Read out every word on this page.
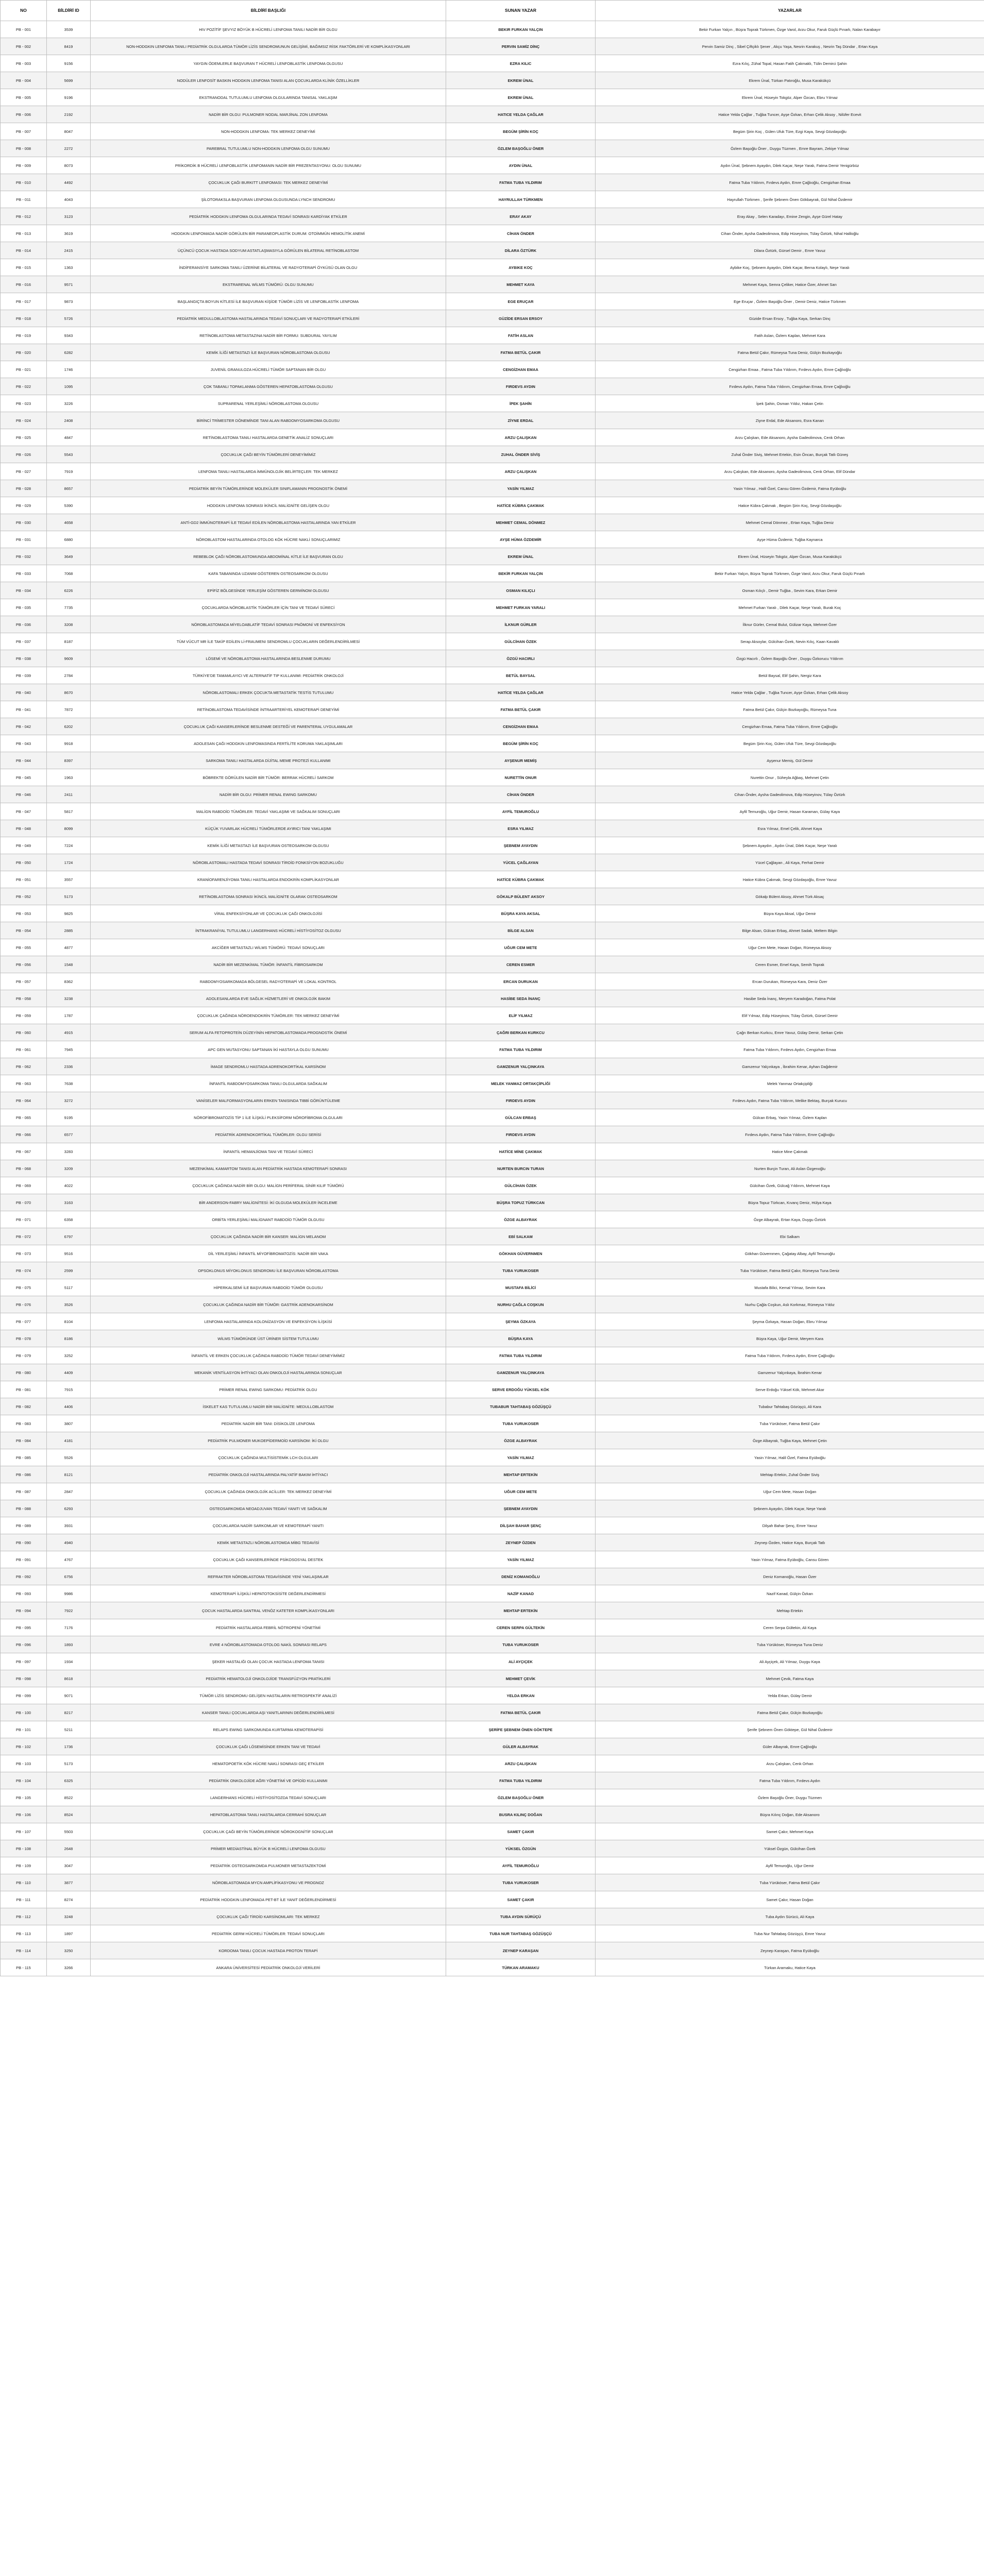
NO	BİLDİRİ ID	BİLDİRİ BAŞLIĞI	SUNAN YAZAR	YAZARLAR

PB - 001	3539	HIV POZİTİF ŞEVYIZ BÖYÜK B HÜCRELİ LENFOMA TANILI NADİR BİR OLGU	BEKIR FURKAN YALÇIN	Bekir Furkan Yalçın , Büşra Toprak Türkmen, Özge Varol, Arzu Okur, Faruk Güçlü Pınarlı, Nalan Karabayır

PB - 002	8419	NON-HODGKIN LENFOMA TANILI PEDİATRİK OLGULARDA TÜMÖR LİZİS SENDROMUNUN GELİŞİMİ, BAĞIMSIZ RİSK FAKTÖRLERİ VE KOMPLİKASYONLARI	PERVIN SAMİZ DİNÇ	Pervin Samiz Dinç , Sibel Çiftçiklı Şener , Akçu Yaşa, Nesrin Karakuş , Nesrin Taş Dündar , Ertan Kaya

PB - 003	9156	YAYGIN ÖDEMLERLE BAŞVURAN T HÜCRELİ LENFOBLASTİK LENFOMA OLGUSU	EZRA KILIC	Ezra Kılıç, Zühal Topal, Hasan Fatih Çakmaklı, Tülin Demirci Şahin

PB - 004	5699	NODÜLER LENFOSİT BASKIN HODGKIN LENFOMA TANISI ALAN ÇOCUKLARDA KLİNİK ÖZELLİKLER	EKREM ÜNAL	Ekrem Ünal, Türkan Patıroğlu, Musa Karakükçü

PB - 005	9196	EKSTRANODAL TUTULUMLU LENFOMA OLGULARINDA TANISAL YAKLAŞIM	EKREM ÜNAL	Ekrem Ünal, Hüseyin Tokgöz, Alper Özcan, Ebru Yılmaz

PB - 006	2192	NADİR BİR OLGU: PULMONER NODAL MARJİNAL ZON LENFOMA	HATICE YELDA ÇAĞLAR	Hatice Yelda Çağlar , Tuğba Tuncer, Ayşe Özkan, Erhan Çelik Aksoy , Nilüfer Ecevit

PB - 007	8047	NON-HODGKIN LENFOMA: TEK MERKEZ DENEYİMİ	BEGÜM ŞİRİN KOÇ	Begüm Şirin Koç , Gülen Ufuk Türe, Ezgi Kaya, Sevgi Gözdaşoğlu

PB - 008	2272	PAREBRAL TUTULUMLU NON-HODGKIN LENFOMA OLGU SUNUMU	ÖZLEM BAŞOĞLU ÖNER	Özlem Başoğlu Öner , Duygu Tüzmen , Emre Bayram, Zekiye Yılmaz

PB - 009	8073	PRİKORDİK B HÜCRELİ LENFOBLASTİK LENFOMANIN NADİR BİR PREZENTASYONU: OLGU SUNUMU	AYDIN ÜNAL	Aydın Ünal, Şebnem Ayaydın, Dilek Kaçar, Neşe Yaralı, Fatma Demir Yenigürbüz

PB - 010	4492	ÇOCUKLUK ÇAĞI BURKITT LENFOMASI: TEK MERKEZ DENEYİMİ	FATMA TUBA YILDIRIM	Fatma Tuba Yıldırım, Fırdevs Aydın, Emre Çağlıoğlu, Cengizhan Emaa

PB - 011	4043	ŞİLOTORAKSLA BAŞVURAN LENFOMA OLGUSUNDA LYNCH SENDROMU	HAYRULLAH TÜRKMEN	Hayrullah Türkmen , Şerife Şebnem Önen Gökbayrak, Gül Nihal Özdemir

PB - 012	3123	PEDİATRİK HODGKIN LENFOMA OLGULARINDA TEDAVİ SONRASI KARDİYAK ETKİLER	ERAY AKAY	Eray Akay , Selen Karadayı, Emine Zengin, Ayşe Gürel Hatay

PB - 013	3619	HODGKIN LENFOMADA NADİR GÖRÜLEN BİR PARANEOPLASTİK DURUM: OTOİMMÜN HEMOLİTİK ANEMİ	CİHAN ÖNDER	Cihan Önder, Aysha Gadeolimova, Edip Hüseyinov, Tülay Öztürk, Nihal Haliloğlu

PB - 014	2415	ÜÇÜNCÜ ÇOCUK HASTADA SODYUM ASTATLAŞMASIYLA GÖRÜLEN BİLATERAL RETİNOBLASTOM	DİLARA ÖZTÜRK	Dilara Öztürk, Gürsel Demir , Emre Yavuz

PB - 015	1363	İNDİFERANSİYE SARKOMA TANILI ÜZERİNE BİLATERAL VE RADYOTERAPİ ÖYKÜSÜ OLAN OLGU	AYBIKE KOÇ	Aybike Koç, Şebnem Ayaydın, Dilek Kaçar, Berna Kolaylı, Neşe Yaralı

PB - 016	9571	EKSTRARENAL WİLMS TÜMÖRÜ: OLGU SUNUMU	MEHMET KAYA	Mehmet Kaya, Semra Çeliker, Hatice Özer, Ahmet Sarı

PB - 017	9873	BAŞLANGIÇTA BOYUN KİTLESİ İLE BAŞVURAN KİŞİDE TÜMÖR LİZİS VE LENFOBLASTİK LENFOMA	EGE ERUÇAR	Ege Eruçar , Özlem Başoğlu Öner , Demir Deniz, Hatice Türkmen

PB - 018	5726	PEDİATRİK MEDULLOBLASTOMA HASTALARINDA TEDAVİ SONUÇLARI VE RADYOTERAPİ ETKİLERİ	GÜZİDE ERSAN ERSOY	Güzide Ersan Ersoy , Tuğba Kaya, Serkan Dinç

PB - 019	9343	RETİNOBLASTOMA METASTAZINA NADİR BİR FORMU: SUBDURAL YAYILIM	FATİH ASLAN	Fatih Aslan, Özlem Kaplan, Mehmet Kara

PB - 020	6282	KEMİK İLİĞİ METASTAZI İLE BAŞVURAN NÖROBLASTOMA OLGUSU	FATMA BETÜL ÇAKIR	Fatma Betül Çakır, Rümeysa Tuna Deniz, Gülçin Bozkayoğlu

PB - 021	1746	JUVENİL GRANULOZA HÜCRELİ TÜMÖR SAPTANAN BİR OLGU	CENGİZHAN EMAA	Cengizhan Emaa , Fatma Tuba Yıldırım, Fırdevs Aydın, Emre Çağlıoğlu

PB - 022	1095	ÇOK TABANLI TOPAKLANMA GÖSTEREN HEPATOBLASTOMA OLGUSU	FIRDEVS AYDIN	Fırdevs Aydın, Fatma Tuba Yıldırım, Cengizhan Emaa, Emre Çağlıoğlu

PB - 023	3226	SUPRARENAL YERLEŞİMLİ NÖROBLASTOMA OLGUSU	İPEK ŞAHİN	İpek Şahin, Osman Yıldız, Hakan Çetin

PB - 024	2408	BİRİNCİ TRİMESTER DÖNEMİNDE TANI ALAN RABDOMYOSARKOMA OLGUSU	ZİYNE ERDAL	Ziyne Erdal, Ede Aksanoro, Esra Kanan

PB - 025	4847	RETİNOBLASTOMA TANILI HASTALARDA GENETİK ANALİZ SONUÇLARI	ARZU ÇALIŞKAN	Arzu Çalışkan, Ede Aksanoro, Aysha Gadeolimova, Cenk Orhan

PB - 026	5543	ÇOCUKLUK ÇAĞI BEYİN TÜMÖRLERİ DENEYİMİMİZ	ZUHAL ÖNDER SİVİŞ	Zuhal Önder Siviş, Mehmet Ertekin, Esin Öncan, Burçak Tatlı Güneş

PB - 027	7919	LENFOMA TANILI HASTALARDA İMMÜNOLOJİK BELİRTEÇLER: TEK MERKEZ	ARZU ÇALIŞKAN	Arzu Çalışkan, Ede Aksanoro, Aysha Gadeolimova, Cenk Orhan, Elif Dündar

PB - 028	8657	PEDİATRİK BEYİN TÜMÖRLERİNDE MOLEKÜLER SINIFLAMANIN PROGNOSTİK ÖNEMİ	YASİN YILMAZ	Yasin Yılmaz , Halil Özel, Cansu Gören Özdemir, Fatma Eyüboğlu

PB - 029	5390	HODGKIN LENFOMA SONRASI İKİNCİL MALİGNİTE GELİŞEN OLGU	HATİCE KÜBRA ÇAKMAK	Hatice Kübra Çakmak , Begüm Şirin Koç, Sevgi Gözdaşoğlu

PB - 030	4658	ANTİ-GD2 İMMÜNOTERAPİ İLE TEDAVİ EDİLEN NÖROBLASTOMA HASTALARINDA YAN ETKİLER	MEHMET CEMAL DÖNMEZ	Mehmet Cemal Dönmez , Ertan Kaya, Tuğba Deniz

PB - 031	6880	NÖROBLASTOM HASTALARINDA OTOLOG KÖK HÜCRE NAKLİ SONUÇLARIMIZ	AYŞE HÜMA ÖZDEMİR	Ayşe Hüma Özdemir, Tuğba Kaynarca

PB - 032	3649	REBEBLOK ÇAĞI NÖROBLASTOMUNDA ABDOMİNAL KİTLE İLE BAŞVURAN OLGU	EKREM ÜNAL	Ekrem Ünal, Hüseyin Tokgöz, Alper Özcan, Musa Karakükçü

PB - 033	7068	KAFA TABANINDA UZANIM GÖSTEREN OSTEOSARKOM OLGUSU	BEKİR FURKAN YALÇIN	Bekir Furkan Yalçın, Büşra Toprak Türkmen, Özge Varol, Arzu Okur, Faruk Güçlü Pınarlı

PB - 034	6226	EPİFİZ BÖLGESİNDE YERLEŞİM GÖSTEREN GERMİNOM OLGUSU	OSMAN KILIÇLI	Osman Kılıçlı , Demir Tuğba , Sevim Kara, Erkan Demir

PB - 035	7735	ÇOCUKLARDA NÖROBLASTİK TÜMÖRLER İÇİN TANI VE TEDAVİ SÜRECİ	MEHMET FURKAN YARALI	Mehmet Furkan Yaralı , Dilek Kaçar, Neşe Yaralı, Burak Koç

PB - 036	3208	NÖROBLASTOMADA MİYELOABLATİF TEDAVİ SONRASI PNÖMONİ VE ENFEKSİYON	İLKNUR GÜRLER	İlknur Gürler, Cemal Bulut, Gülizar Kaya, Mehmet Özer

PB - 037	8187	TÜM VÜCUT MR İLE TAKİP EDİLEN Lİ-FRAUMENI SENDROMLU ÇOCUKLARIN DEĞERLENDİRİLMESİ	GÜLCİHAN ÖZEK	Serap Aksoylar, Gülcihan Özek, Nevin Kılıç, Kaan Kavaklı

PB - 038	9609	LÖSEMİ VE NÖROBLASTOMA HASTALARINDA BESLENME DURUMU	ÖZGÜ HACIRLI	Özgü Hacırlı , Özlem Başoğlu Öner , Duygu Özkorucu Yıldırım

PB - 039	2784	TÜRKİYE'DE TAMAMLAYICI VE ALTERNATİF TIP KULLANIMI: PEDİATRİK ONKOLOJİ	BETÜL BAYSAL	Betül Baysal, Elif Şahin, Nergiz Kara

PB - 040	8670	NÖROBLASTOMALI ERKEK ÇOCUKTA METASTATİK TESTİS TUTULUMU	HATİCE YELDA ÇAĞLAR	Hatice Yelda Çağlar , Tuğba Tuncer, Ayşe Özkan, Erhan Çelik Aksoy

PB - 041	7872	RETİNOBLASTOMA TEDAVİSİNDE İNTRAARTERİYEL KEMOTERAPİ DENEYİMİ	FATMA BETÜL ÇAKIR	Fatma Betül Çakır, Gülçin Bozkayoğlu, Rümeysa Tuna

PB - 042	6202	ÇOCUKLUK ÇAĞI KANSERLERİNDE BESLENME DESTEĞİ VE PARENTERAL UYGULAMALAR	CENGİZHAN EMAA	Cengizhan Emaa, Fatma Tuba Yıldırım, Emre Çağlıoğlu

PB - 043	9918	ADOLESAN ÇAĞI HODGKIN LENFOMASINDA FERTİLİTE KORUMA YAKLAŞIMLARI	BEGÜM ŞİRİN KOÇ	Begüm Şirin Koç, Gülen Ufuk Türe, Sevgi Gözdaşoğlu

PB - 044	8397	SARKOMA TANILI HASTALARDA DİJİTAL MEME PROTEZİ KULLANIMI	AYŞENUR MEMİŞ	Ayşenur Memiş, Gül Demir

PB - 045	1963	BÖBREKTE GÖRÜLEN NADİR BİR TÜMÖR: BERRAK HÜCRELİ SARKOM	NURETTİN ONUR	Nurettin Onur , Süheyla Ağbaş, Mehmet Çetin

PB - 046	2411	NADİR BİR OLGU: PRİMER RENAL EWING SARKOMU	CİHAN ÖNDER	Cihan Önder, Aysha Gadeolimova, Edip Hüseyinov, Tülay Öztürk

PB - 047	5817	MALİGN RABDOİD TÜMÖRLER: TEDAVİ YAKLAŞIMI VE SAĞKALIM SONUÇLARI	AYFİL TEMUROĞLU	Ayfil Temuroğlu, Uğur Demir, Hasan Karaman, Gülay Kaya

PB - 048	8099	KÜÇÜK YUVARLAK HÜCRELİ TÜMÖRLERDE AYIRICI TANI YAKLAŞIMI	ESRA YILMAZ	Esra Yılmaz, Emel Çelik, Ahmet Kaya

PB - 049	7224	KEMİK İLİĞİ METASTAZI İLE BAŞVURAN OSTEOSARKOM OLGUSU	ŞEBNEM AYAYDIN	Şebnem Ayaydın , Aydın Ünal, Dilek Kaçar, Neşe Yaralı

PB - 050	1724	NÖROBLASTOMALI HASTADA TEDAVİ SONRASI TİROİD FONKSİYON BOZUKLUĞU	YÜCEL ÇAĞLAYAN	Yücel Çağlayan , Ali Kaya, Ferhat Demir

PB - 051	3557	KRANİOFARENJİYOMA TANILI HASTALARDA ENDOKRİN KOMPLİKASYONLAR	HATİCE KÜBRA ÇAKMAK	Hatice Kübra Çakmak, Sevgi Gözdaşoğlu, Emre Yavuz

PB - 052	5173	RETİNOBLASTOMA SONRASI İKİNCİL MALİGNİTE OLARAK OSTEOSARKOM	GÖKALP BÜLENT AKSOY	Gökalp Bülent Aksoy, Ahmet Türk Aksaç

PB - 053	9825	VİRAL ENFEKSİYONLAR VE ÇOCUKLUK ÇAĞI ONKOLOJİSİ	BÜŞRA KAYA AKSAL	Büşra Kaya Aksal, Uğur Demir

PB - 054	2885	İNTRAKRANİYAL TUTULUMLU LANGERHANS HÜCRELİ HİSTİYOSİTOZ OLGUSU	BİLGE ALSAN	Bilge Alsan, Gülcan Erbaş, Ahmet Sadak, Meltem Bilgin

PB - 055	4877	AKCİĞER METASTAZLI WİLMS TÜMÖRÜ: TEDAVİ SONUÇLARI	UĞUR CEM METE	Uğur Cem Mete, Hasan Doğan, Rümeysa Aksoy

PB - 056	1548	NADİR BİR MEZENKİMAL TÜMÖR: İNFANTİL FİBROSARKOM	CEREN ESMER	Ceren Esmer, Emel Kaya, Semih Toprak

PB - 057	8362	RABDOMYOSARKOMADA BÖLGESEL RADYOTERAPİ VE LOKAL KONTROL	ERCAN DURUKAN	Ercan Durukan, Rümeysa Kara, Deniz Özer

PB - 058	3238	ADOLESANLARDA EVE SAĞLIK HİZMETLERİ VE ONKOLOJİK BAKIM	HASİBE SEDA İNANÇ	Hasibe Seda İnanç, Meryem Karadoğan, Fatma Polat

PB - 059	1787	ÇOCUKLUK ÇAĞINDA NÖROENDOKRİN TÜMÖRLER: TEK MERKEZ DENEYİMİ	ELİF YILMAZ	Elif Yılmaz, Edip Hüseyinov, Tülay Öztürk, Gürsel Demir

PB - 060	4915	SERUM ALFA FETOPROTEİN DÜZEYİNİN HEPATOBLASTOMADA PROGNOSTİK ÖNEMİ	ÇAĞRI BERKAN KURKCU	Çağrı Berkan Kurkcu, Emre Yavuz, Gülay Demir, Serkan Çetin

PB - 061	7945	APC GEN MUTASYONU SAPTANAN İKİ HASTAYLA OLGU SUNUMU	FATMA TUBA YILDIRIM	Fatma Tuba Yıldırım, Fırdevs Aydın, Cengizhan Emaa

PB - 062	2336	İMAGE SENDROMLU HASTADA ADRENOKORTİKAL KARSİNOM	GAMZENUR YALÇINKAYA	Gamzenur Yalçınkaya , İbrahim Kenar, Ayhan Dağdemir

PB - 063	7638	İNFANTİL RABDOMYOSARKOMA TANILI OLGULARDA SAĞKALIM	MELEK YANMAZ ORTAKÇİPLİĞİ	Melek Yanmaz Ortakçipliği

PB - 064	3272	VANİSELER MALFORMASYONLARIN ERKEN TANISINDA TIBBİ GÖRÜNTÜLEME	FIRDEVS AYDIN	Fırdevs Aydın, Fatma Tuba Yıldırım, Melike Bektaş, Burçak Kurucu

PB - 065	9195	NÖROFİBROMATOZİS TİP 1 İLE İLİŞKİLİ PLEKSİFORM NÖROFİBROMA OLGULARI	GÜLCAN ERBAŞ	Gülcan Erbaş, Yasin Yılmaz, Özlem Kaplan

PB - 066	6577	PEDİATRİK ADRENOKORTİKAL TÜMÖRLER: OLGU SERİSİ	FIRDEVS AYDIN	Fırdevs Aydın, Fatma Tuba Yıldırım, Emre Çağlıoğlu

PB - 067	3283	İNFANTİL HEMANJİOMA TANI VE TEDAVİ SÜRECİ	HATİCE MİNE ÇAKMAK	Hatice Mine Çakmak

PB - 068	3209	MEZENKİMAL KAMARTOM TANISI ALAN PEDİATRİK HASTADA KEMOTERAPİ SONRASI	NURTEN BURCIN TURAN	Nurten Burçin Turan, Ali Aslan Özgenoğlu

PB - 069	4022	ÇOCUKLUK ÇAĞINDA NADİR BİR OLGU: MALİGN PERİFERAL SİNİR KILIF TÜMÖRÜ	GÜLCİHAN ÖZEK	Gülcihan Özek, Gülcağ Yıldırım, Mehmet Kaya

PB - 070	3163	BİR ANDERSON-FABRY MALİGNİTESİ: İKİ OLGUDA MOLEKÜLER İNCELEME	BÜŞRA TOPUZ TÜRKCAN	Büşra Topuz Türkcan, Kıvanç Deniz, Hülya Kaya

PB - 071	6358	ORBİTA YERLEŞİMLİ MALİGNANT RABDOİD TÜMÖR OLGUSU	ÖZGE ALBAYRAK	Özge Albayrak, Ertan Kaya, Duygu Öztürk

PB - 072	6797	ÇOCUKLUK ÇAĞINDA NADİR BİR KANSER: MALİGN MELANOM	EBİ SALKAM	Ebi Salkam

PB - 073	9516	DİL YERLEŞİMLİ İNFANTİL MİYOFİBROMATOZİS: NADİR BİR VAKA	GÖKHAN GÜVERNMEN	Gökhan Güvernmen, Çağatay Albay, Ayfil Temuroğlu

PB - 074	2599	OPSOKLONUS MİYOKLONUS SENDROMU İLE BAŞVURAN NÖROBLASTOMA	TUBA YURUKOSER	Tuba Yürüköser, Fatma Betül Çakır, Rümeysa Tuna Deniz

PB - 075	5117	HİPERKALSEMİ İLE BAŞVURAN RABDOİD TÜMÖR OLGUSU	MUSTAFA BİLİCİ	Mustafa Bilici, Kemal Yılmaz, Sevim Kara

PB - 076	3526	ÇOCUKLUK ÇAĞINDA NADİR BİR TÜMÖR: GASTRİK ADENOKARSİNOM	NURHU ÇAĞLA COŞKUN	Nurhu Çağla Coşkun, Aslı Korkmaz, Rümeysa Yıldız

PB - 077	8104	LENFOMA HASTALARINDA KOLONİZASYON VE ENFEKSİYON İLİŞKİSİ	ŞEYMA ÖZKAYA	Şeyma Özkaya, Hasan Doğan, Ebru Yılmaz

PB - 078	8186	WİLMS TÜMÖRÜNDE ÜST ÜRİNER SİSTEM TUTULUMU	BÜŞRA KAYA	Büşra Kaya, Uğur Demir, Meryem Kara

PB - 079	3252	İNFANTİL VE ERKEN ÇOCUKLUK ÇAĞINDA RABDOİD TÜMÖR TEDAVİ DENEYİMİMİZ	FATMA TUBA YILDIRIM	Fatma Tuba Yıldırım, Fırdevs Aydın, Emre Çağlıoğlu

PB - 080	4409	MEKANİK VENTİLASYON İHTİYACI OLAN ONKOLOJİ HASTALARINDA SONUÇLAR	GAMZENUR YALÇINKAYA	Gamzenur Yalçınkaya, İbrahim Kenar

PB - 081	7915	PRİMER RENAL EWING SARKOMU: PEDİATRİK OLGU	SERVE ERDOĞU YÜKSEL KÖK	Serve Erdoğu Yüksel Kök, Mehmet Akar

PB - 082	4406	İSKELET KAS TUTULUMLU NADİR BİR MALİGNİTE: MEDULLOBLASTOM	TUBABUR TAHTABAŞ GÖZÜŞÇÜ	Tubabur Tahtabaş Gözüşçü, Ali Kara

PB - 083	3807	PEDİATRİK NADİR BİR TANI: DİSİKOLİZE LENFOMA	TUBA YURUKOSER	Tuba Yürüköser, Fatma Betül Çakır

PB - 084	4181	PEDİATRİK PULMONER MUKOEPİDERMOİD KARSİNOM: İKİ OLGU	ÖZGE ALBAYRAK	Özge Albayrak, Tuğba Kaya, Mehmet Çetin

PB - 085	5526	ÇOCUKLUK ÇAĞINDA MULTİSİSTEMİK LCH OLGULARI	YASİN YILMAZ	Yasin Yılmaz, Halil Özel, Fatma Eyüboğlu

PB - 086	8121	PEDİATRİK ONKOLOJİ HASTALARINDA PALYATİF BAKIM İHTİYACI	MEHTAP ERTEKİN	Mehtap Ertekin, Zuhal Önder Siviş

PB - 087	2847	ÇOCUKLUK ÇAĞINDA ONKOLOJİK ACİLLER: TEK MERKEZ DENEYİMİ	UĞUR CEM METE	Uğur Cem Mete, Hasan Doğan

PB - 088	6293	OSTEOSARKOMDA NEOADJUVAN TEDAVİ YANITI VE SAĞKALIM	ŞEBNEM AYAYDIN	Şebnem Ayaydın, Dilek Kaçar, Neşe Yaralı

PB - 089	3931	ÇOCUKLARDA NADİR SARKOMLAR VE KEMOTERAPİ YANITI	DİLŞAH BAHAR ŞENÇ	Dilşah Bahar Şenç, Emre Yavuz

PB - 090	4940	KEMİK METASTAZLI NÖROBLASTOMDA MİBG TEDAVİSİ	ZEYNEP ÖZDEN	Zeynep Özden, Hatice Kaya, Burçak Tatlı

PB - 091	4767	ÇOCUKLUK ÇAĞI KANSERLERİNDE PSİKOSOSYAL DESTEK	YASİN YILMAZ	Yasin Yılmaz, Fatma Eyüboğlu, Cansu Gören

PB - 092	6756	REFRAKTER NÖROBLASTOMA TEDAVİSİNDE YENİ YAKLAŞIMLAR	DENİZ KOMANOĞLU	Deniz Komanoğlu, Hasan Özer

PB - 093	9986	KEMOTERAPİ İLİŞKİLİ HEPATOTOKSİSİTE DEĞERLENDİRMESİ	NAZİF KANAD	Nazif Kanad, Gülçin Özkan

PB - 094	7922	ÇOCUK HASTALARDA SANTRAL VENÖZ KATETER KOMPLİKASYONLARI	MEHTAP ERTEKİN	Mehtap Ertekin

PB - 095	7176	PEDİATRİK HASTALARDA FEBRİL NÖTROPENİ YÖNETİMİ	CEREN SERPA GÜLTEKİN	Ceren Serpa Gültekin, Ali Kaya

PB - 096	1893	EVRE 4 NÖROBLASTOMADA OTOLOG NAKİL SONRASI RELAPS	TUBA YURUKOSER	Tuba Yürüköser, Rümeysa Tuna Deniz

PB - 097	1934	ŞEKER HASTALIĞI OLAN ÇOCUK HASTADA LENFOMA TANISI	ALİ AYÇIÇEK	Ali Ayçiçek, Ali Yılmaz, Duygu Kaya

PB - 098	8618	PEDİATRİK HEMATOLOJİ ONKOLOJİDE TRANSFÜZYON PRATİKLERİ	MEHMET ÇEVİK	Mehmet Çevik, Fatma Kaya

PB - 099	9071	TÜMÖR LİZİS SENDROMU GELİŞEN HASTALARIN RETROSPEKTİF ANALİZİ	YELDA ERKAN	Yelda Erkan, Gülay Demir

PB - 100	8217	KANSER TANILI ÇOCUKLARDA AŞI YANITLARININ DEĞERLENDİRİLMESİ	FATMA BETÜL ÇAKIR	Fatma Betül Çakır, Gülçin Bozkayoğlu

PB - 101	5211	RELAPS EWING SARKOMUNDA KURTARMA KEMOTERAPİSİ	ŞERİFE ŞEBNEM ÖNEN GÖKTEPE	Şerife Şebnem Önen Göktepe, Gül Nihal Özdemir

PB - 102	1736	ÇOCUKLUK ÇAĞI LÖSEMİSİNDE ERKEN TANI VE TEDAVİ	GÜLER ALBAYRAK	Güler Albayrak, Emre Çağlıoğlu

PB - 103	5173	HEMATOPOETİK KÖK HÜCRE NAKLİ SONRASI GEÇ ETKİLER	ARZU ÇALIŞKAN	Arzu Çalışkan, Cenk Orhan

PB - 104	6325	PEDİATRİK ONKOLOJİDE AĞRI YÖNETİMİ VE OPİOİD KULLANIMI	FATMA TUBA YILDIRIM	Fatma Tuba Yıldırım, Fırdevs Aydın

PB - 105	8522	LANGERHANS HÜCRELİ HİSTİYOSİTOZDA TEDAVİ SONUÇLARI	ÖZLEM BAŞOĞLU ÖNER	Özlem Başoğlu Öner, Duygu Tüzmen

PB - 106	8524	HEPATOBLASTOMA TANILI HASTALARDA CERRAHİ SONUÇLAR	BUSRA KILINÇ DOĞAN	Büşra Kılınç Doğan, Ede Aksanoro

PB - 107	5503	ÇOCUKLUK ÇAĞI BEYİN TÜMÖRLERİNDE NÖROKOGNİTİF SONUÇLAR	SAMET ÇAKIR	Samet Çakır, Mehmet Kaya

PB - 108	2648	PRİMER MEDİASTİNAL BÜYÜK B HÜCRELİ LENFOMA OLGUSU	YÜKSEL ÖZGÜN	Yüksel Özgün, Gülcihan Özek

PB - 109	3047	PEDİATRİK OSTEOSARKOMDA PULMONER METASTAZEKTOMİ	AYFİL TEMUROĞLU	Ayfil Temuroğlu, Uğur Demir

PB - 110	3877	NÖROBLASTOMADA MYCN AMPLİFİKASYONU VE PROGNOZ	TUBA YURUKOSER	Tuba Yürüköser, Fatma Betül Çakır

PB - 111	8274	PEDİATRİK HODGKIN LENFOMADA PET-BT İLE YANIT DEĞERLENDİRMESİ	SAMET ÇAKIR	Samet Çakır, Hasan Doğan

PB - 112	3248	ÇOCUKLUK ÇAĞI TİROİD KARSİNOMLARI: TEK MERKEZ	TUBA AYDIN SÜRÜÇÜ	Tuba Aydın Sürücü, Ali Kaya

PB - 113	1897	PEDİATRİK GERM HÜCRELİ TÜMÖRLER: TEDAVİ SONUÇLARI	TUBA NUR TAHTABAŞ GÖZÜŞÇÜ	Tuba Nur Tahtabaş Gözüşçü, Emre Yavuz

PB - 114	3250	KORDOMA TANILI ÇOCUK HASTADA PROTON TERAPİ	ZEYNEP KARAŞAN	Zeynep Karaşan, Fatma Eyüboğlu

PB - 115	3266	ANKARA ÜNİVERSİTESİ PEDİATRİK ONKOLOJİ VERİLERİ	TÜRKAN ARAMAKU	Türkan Aramaku, Hatice Kaya
